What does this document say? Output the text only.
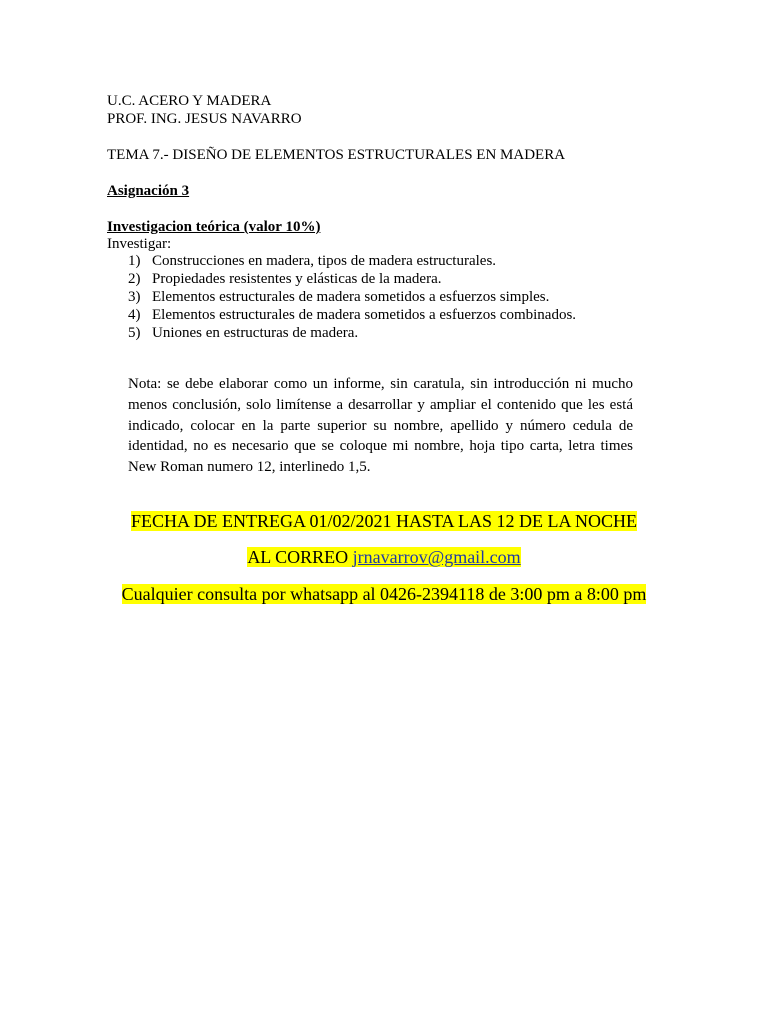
U.C. ACERO Y MADERA
PROF. ING. JESUS NAVARRO
TEMA 7.- DISEÑO DE ELEMENTOS ESTRUCTURALES EN MADERA
Asignación 3
Investigacion teórica (valor 10%)
Investigar:
1) Construcciones en madera, tipos de madera estructurales.
2) Propiedades resistentes y elásticas de la madera.
3) Elementos estructurales de madera sometidos a esfuerzos simples.
4) Elementos estructurales de madera sometidos a esfuerzos combinados.
5) Uniones en estructuras de madera.

Nota: se debe elaborar como un informe, sin caratula, sin introducción ni mucho menos conclusión, solo limítense a desarrollar y ampliar el contenido que les está indicado, colocar en la parte superior su nombre, apellido y número cedula de identidad, no es necesario que se coloque mi nombre, hoja tipo carta, letra times New Roman numero 12, interlinedo 1,5.

FECHA DE ENTREGA 01/02/2021 HASTA LAS 12 DE LA NOCHE
AL CORREO jrnavarrov@gmail.com
Cualquier consulta por whatsapp al 0426-2394118 de 3:00 pm a 8:00 pm
